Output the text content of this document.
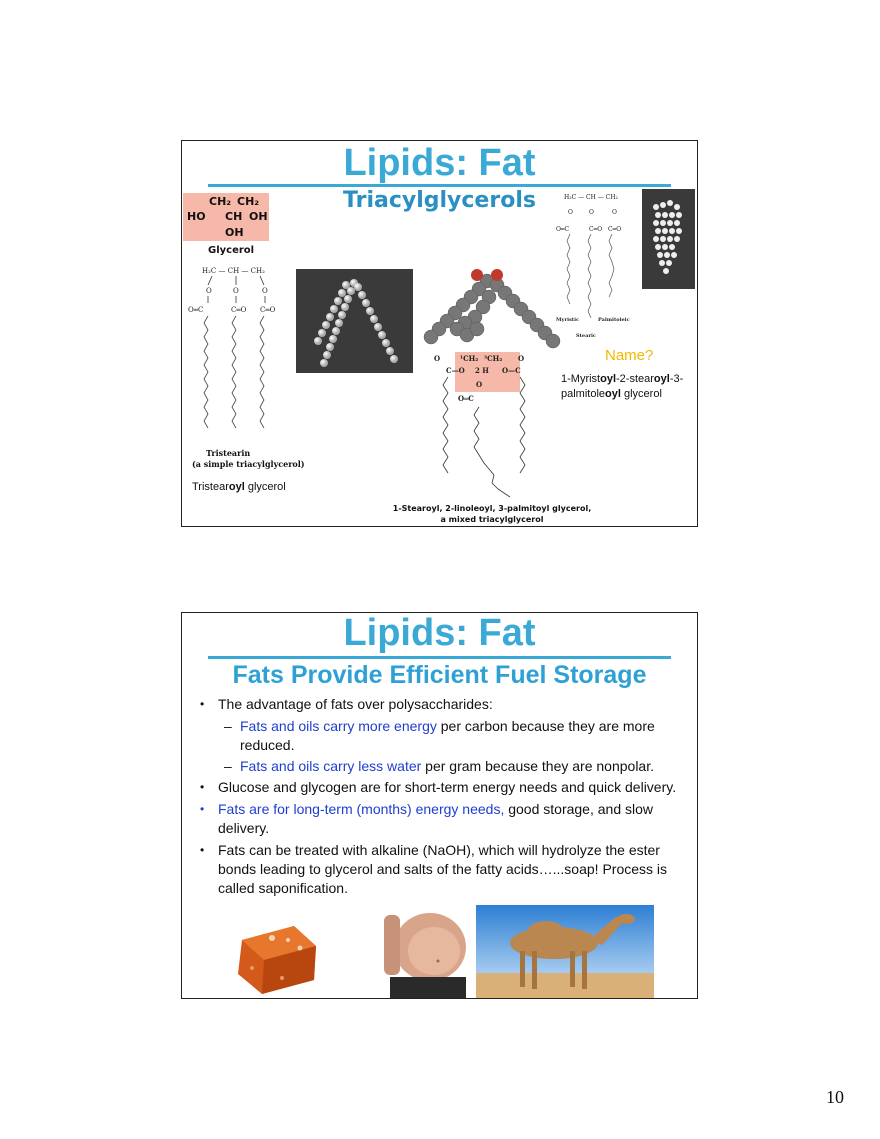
Lipids: Fat
Triacylglycerols
CH₂ CH₂
HO CH OH
OH
Glycerol
H₂C — CH — CH₂
O	O	O
O═C	C═O C═O
Tristearin
(a simple triacylglycerol)
Tristearoyl glycerol
O	¹CH₂ ³CH₂ O
C—O 2 H O—C
O
O═C
1-Stearoyl, 2-linoleoyl, 3-palmitoyl glycerol,
a mixed triacylglycerol
H₂C — CH — CH₂
O	O	O
O═C	C═O C═O
Myristic	Palmitoleic
Stearic
Name?
1-Myristoyl-2-stearoyl-3-palmitoleoyl glycerol
Lipids: Fat
Fats Provide Efficient Fuel Storage
• The advantage of fats over polysaccharides:
– Fats and oils carry more energy per carbon because they are more reduced.
– Fats and oils carry less water per gram because they are nonpolar.
• Glucose and glycogen are for short-term energy needs and quick delivery.
• Fats are for long-term (months) energy needs, good storage, and slow delivery.
• Fats can be treated with alkaline (NaOH), which will hydrolyze the ester bonds leading to glycerol and salts of the fatty acids…...soap! Process is called saponification.
10
